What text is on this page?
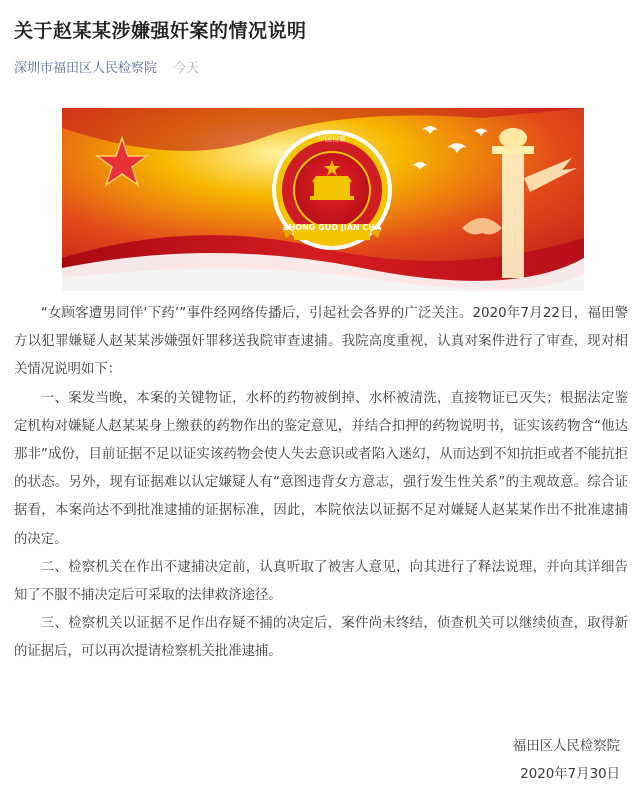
关于赵某某涉嫌强奸案的情况说明
深圳市福田区人民检察院 今天
中国检察
ZHONG GUO JIAN CHA

“女顾客遭男同伴‘下药’”事件经网络传播后，引起社会各界的广泛关注。2020年7月22日，福田警方以犯罪嫌疑人赵某某涉嫌强奸罪移送我院审查逮捕。我院高度重视，认真对案件进行了审查，现对相关情况说明如下：

一、案发当晚，本案的关键物证，水杯的药物被倒掉、水杯被清洗，直接物证已灭失；根据法定鉴定机构对嫌疑人赵某某身上缴获的药物作出的鉴定意见，并结合扣押的药物说明书，证实该药物含“他达那非”成份，目前证据不足以证实该药物会使人失去意识或者陷入迷幻，从而达到不知抗拒或者不能抗拒的状态。另外，现有证据难以认定嫌疑人有“意图违背女方意志，强行发生性关系”的主观故意。综合证据看，本案尚达不到批准逮捕的证据标准，因此，本院依法以证据不足对嫌疑人赵某某作出不批准逮捕的决定。

二、检察机关在作出不逮捕决定前，认真听取了被害人意见，向其进行了释法说理，并向其详细告知了不服不捕决定后可采取的法律救济途径。

三、检察机关以证据不足作出存疑不捕的决定后，案件尚未终结，侦查机关可以继续侦查，取得新的证据后，可以再次提请检察机关批准逮捕。

福田区人民检察院
2020年7月30日
